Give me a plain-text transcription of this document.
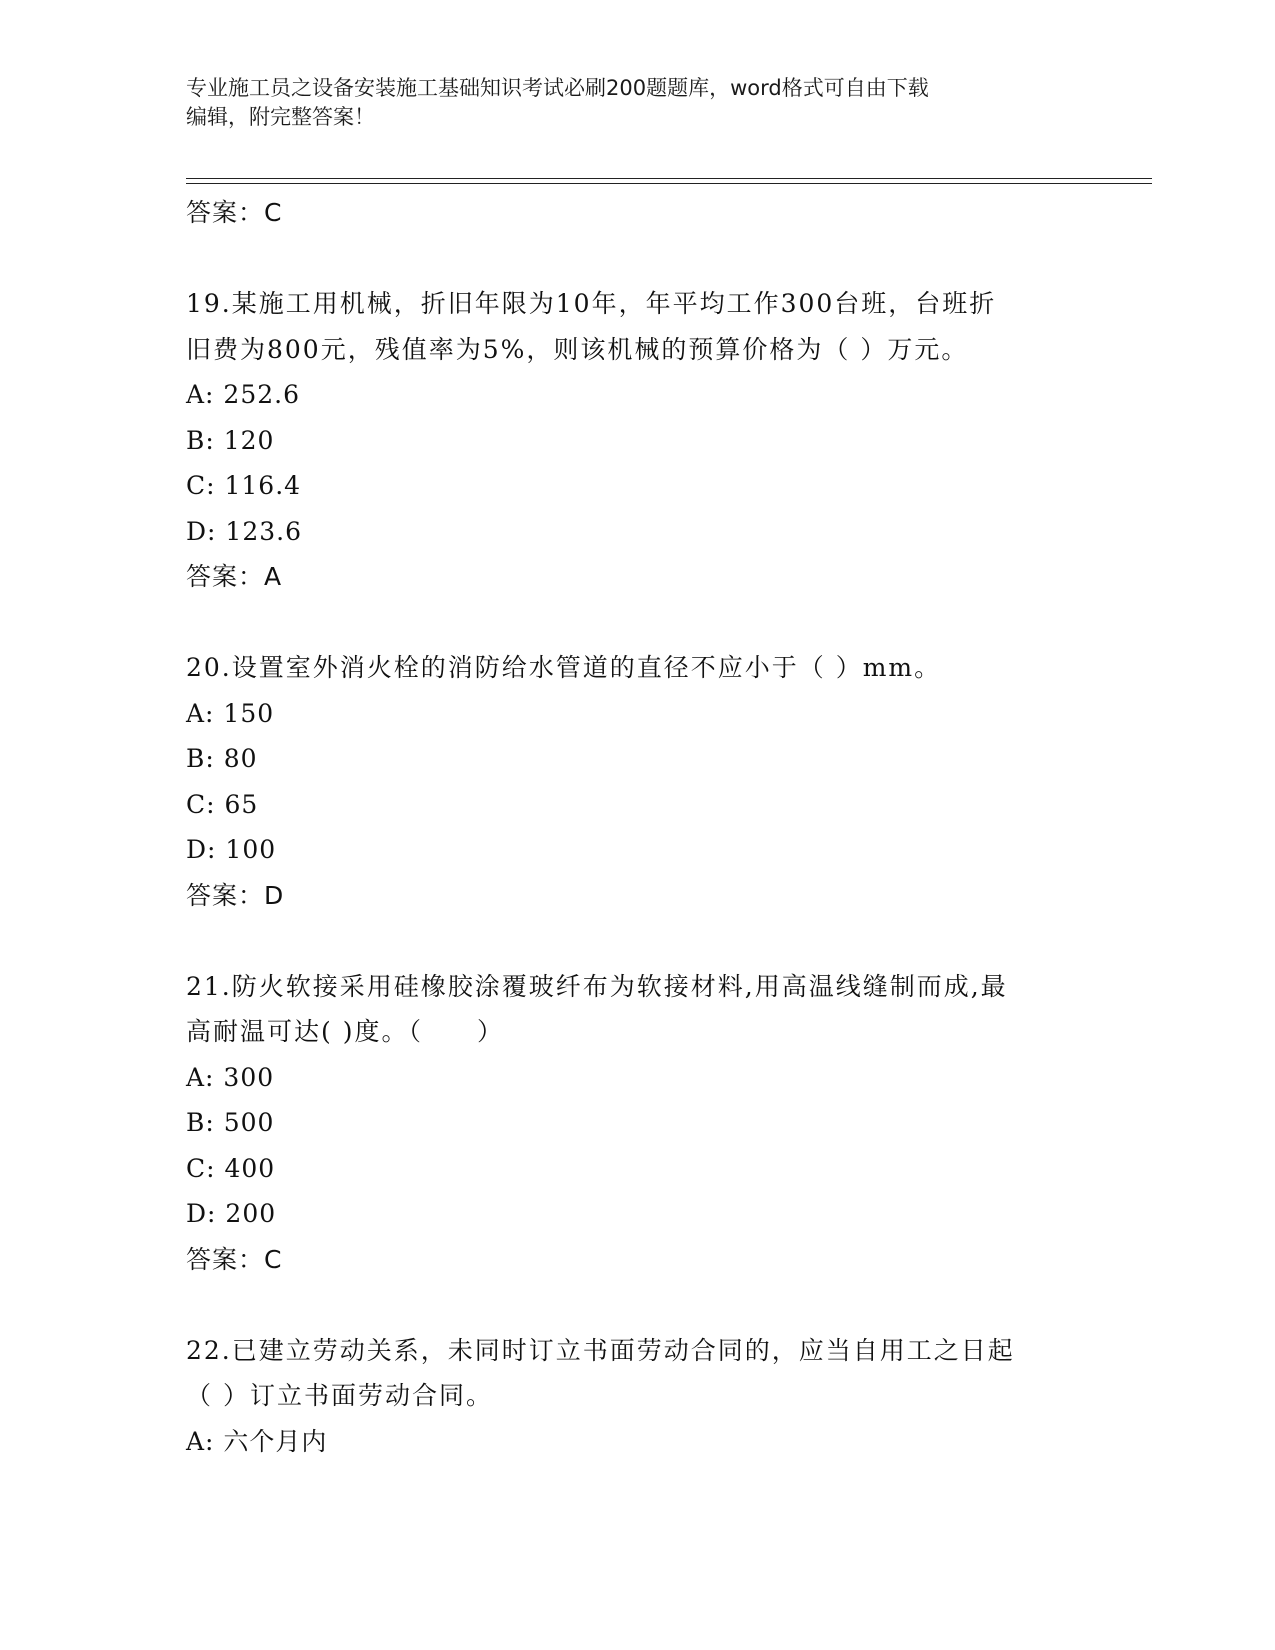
专业施工员之设备安装施工基础知识考试必刷200题题库，word格式可自由下载
编辑，附完整答案！
答案：C
19.某施工用机械，折旧年限为10年，年平均工作300台班，台班折
旧费为800元，残值率为5%，则该机械的预算价格为（ ）万元。
A: 252.6
B: 120
C: 116.4
D: 123.6
答案：A
20.设置室外消火栓的消防给水管道的直径不应小于（ ）mm。
A: 150
B: 80
C: 65
D: 100
答案：D
21.防火软接采用硅橡胶涂覆玻纤布为软接材料,用高温线缝制而成,最
高耐温可达( )度。（　　）
A: 300
B: 500
C: 400
D: 200
答案：C
22.已建立劳动关系，未同时订立书面劳动合同的，应当自用工之日起
（ ）订立书面劳动合同。
A: 六个月内
